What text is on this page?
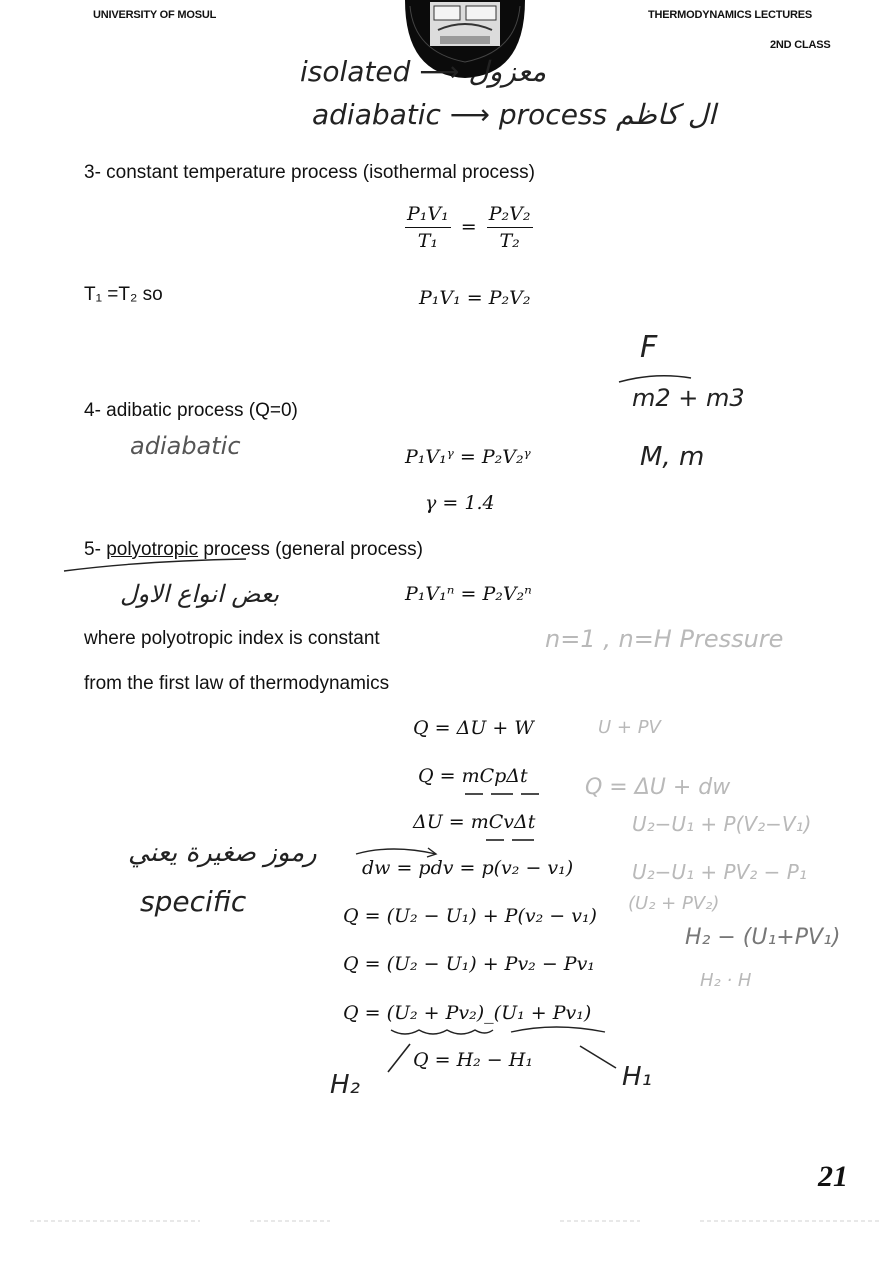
UNIVERSITY OF MOSUL	THERMODYNAMICS LECTURES
2ND CLASS
isolated ⟶ معزول
adiabatic ⟶ process ال كاظم
3- constant temperature process (isothermal process)
$\frac{\text{P₁V₁}}{\text{T₁}} = \frac{\text{P₂V₂}}{\text{T₂}}$
T₁ =T₂ so	P₁V₁ = P₂V₂
F
m2 + m3
M, m
4- adibatic process (Q=0)
adiabatic	P₁V₁ᵞ = P₂V₂ᵞ
γ = 1.4
5- polyotropic process (general process)
بعض انواع الاول	P₁V₁ⁿ = P₂V₂ⁿ
where polyotropic index is constant
from the first law of thermodynamics
n=1 , n=H Pressure
U + PV
Q = ΔU + dw
U₂−U₁ + P(V₂−V₁)
U₂−U₁ + PV₂ − P₁
(U₂ + PV₂)
H₂ − (U₁+PV₁)
H₂ · H
Q = ΔU + W
Q = mCpΔt
ΔU = mCvΔt
dw = pdv = p(v₂ − v₁)
Q = (U₂ − U₁) + P(v₂ − v₁)
Q = (U₂ − U₁) + Pv₂ − Pv₁
Q = (U₂ + Pv₂)_(U₁ + Pv₁)
Q = H₂ − H₁
رموز صغيرة يعني
specific
H₂	H₁
21
